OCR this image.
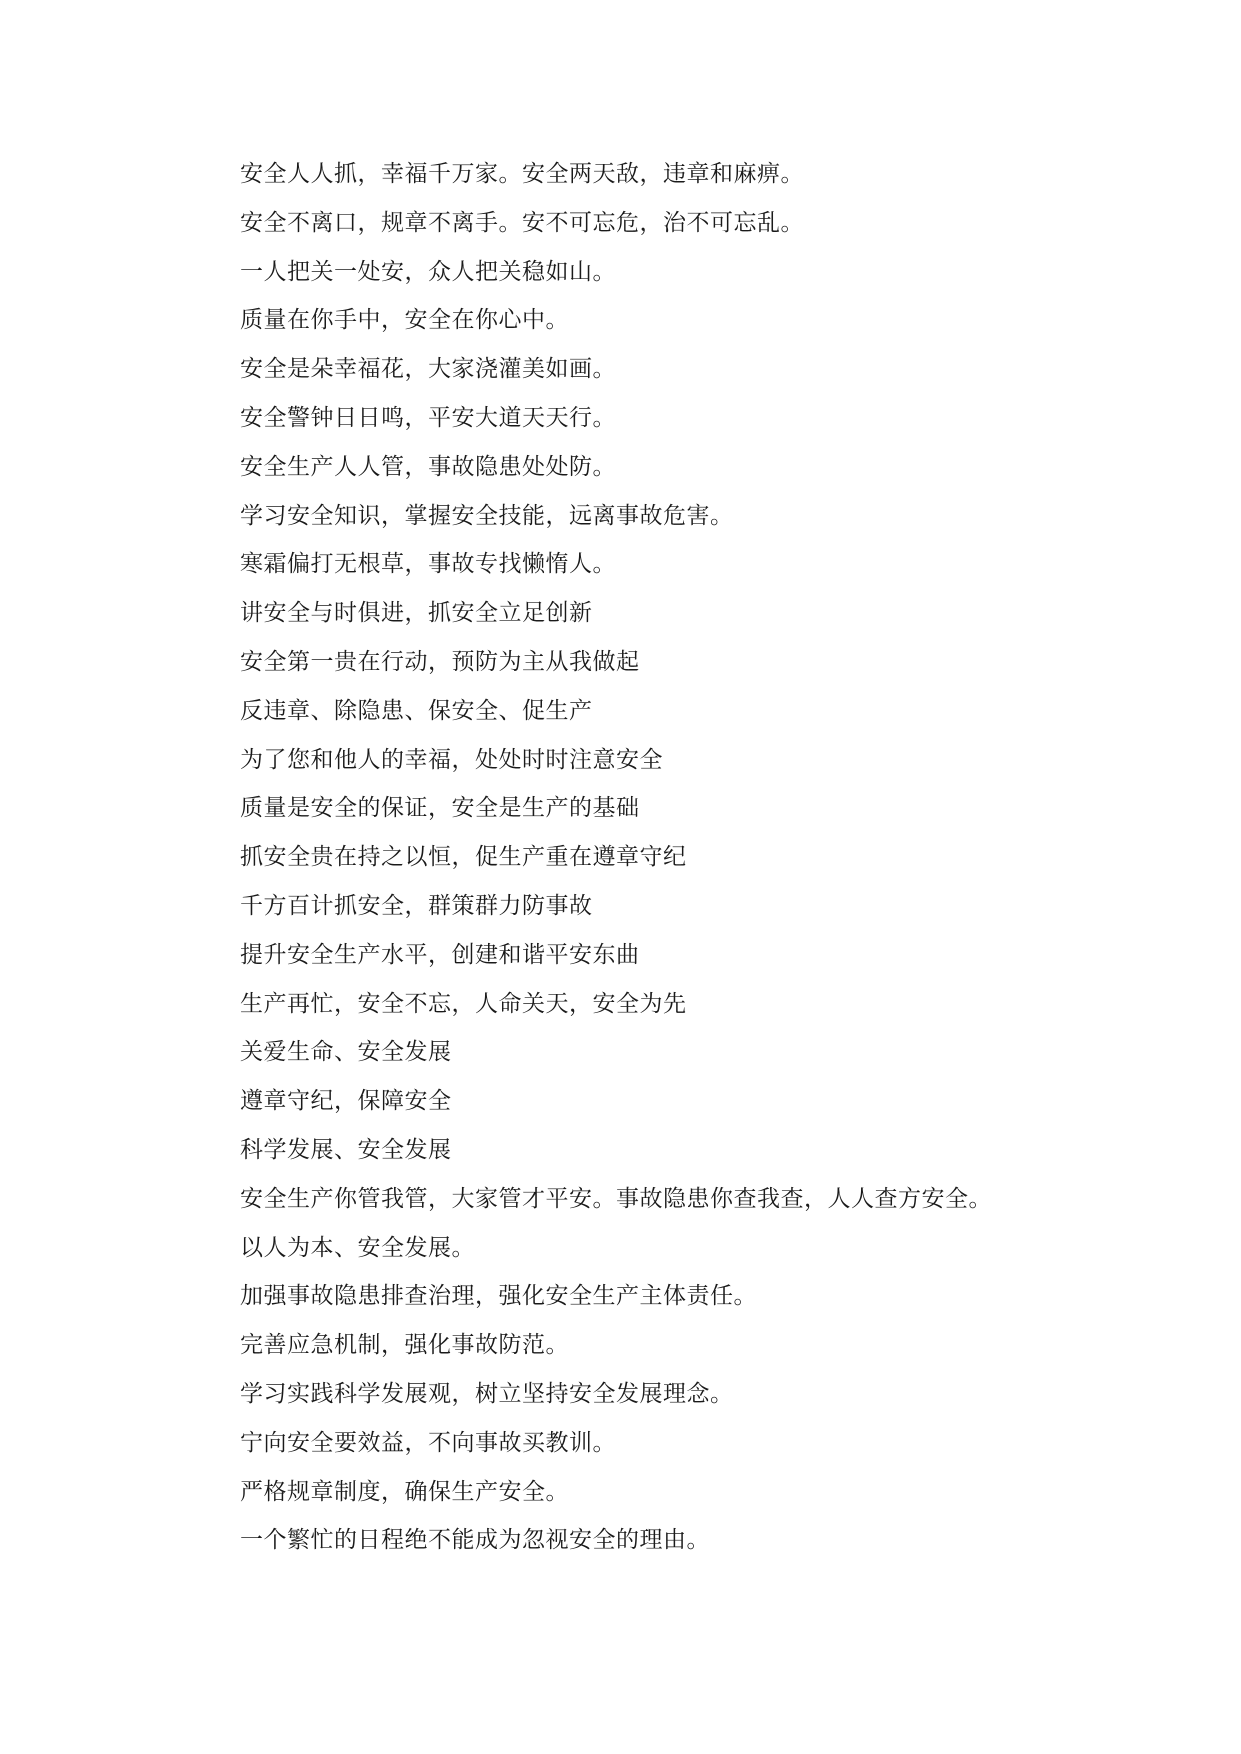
安全人人抓，幸福千万家。安全两天敌，违章和麻痹。
安全不离口，规章不离手。安不可忘危，治不可忘乱。
一人把关一处安，众人把关稳如山。
质量在你手中，安全在你心中。
安全是朵幸福花，大家浇灌美如画。
安全警钟日日鸣，平安大道天天行。
安全生产人人管，事故隐患处处防。
学习安全知识，掌握安全技能，远离事故危害。
寒霜偏打无根草，事故专找懒惰人。
讲安全与时俱进，抓安全立足创新
安全第一贵在行动，预防为主从我做起
反违章、除隐患、保安全、促生产
为了您和他人的幸福，处处时时注意安全
质量是安全的保证，安全是生产的基础
抓安全贵在持之以恒，促生产重在遵章守纪
千方百计抓安全，群策群力防事故
提升安全生产水平，创建和谐平安东曲
生产再忙，安全不忘，人命关天，安全为先
关爱生命、安全发展
遵章守纪，保障安全
科学发展、安全发展
安全生产你管我管，大家管才平安。事故隐患你查我查，人人查方安全。
以人为本、安全发展。
加强事故隐患排查治理，强化安全生产主体责任。
完善应急机制，强化事故防范。
学习实践科学发展观，树立坚持安全发展理念。
宁向安全要效益，不向事故买教训。
严格规章制度，确保生产安全。
一个繁忙的日程绝不能成为忽视安全的理由。
